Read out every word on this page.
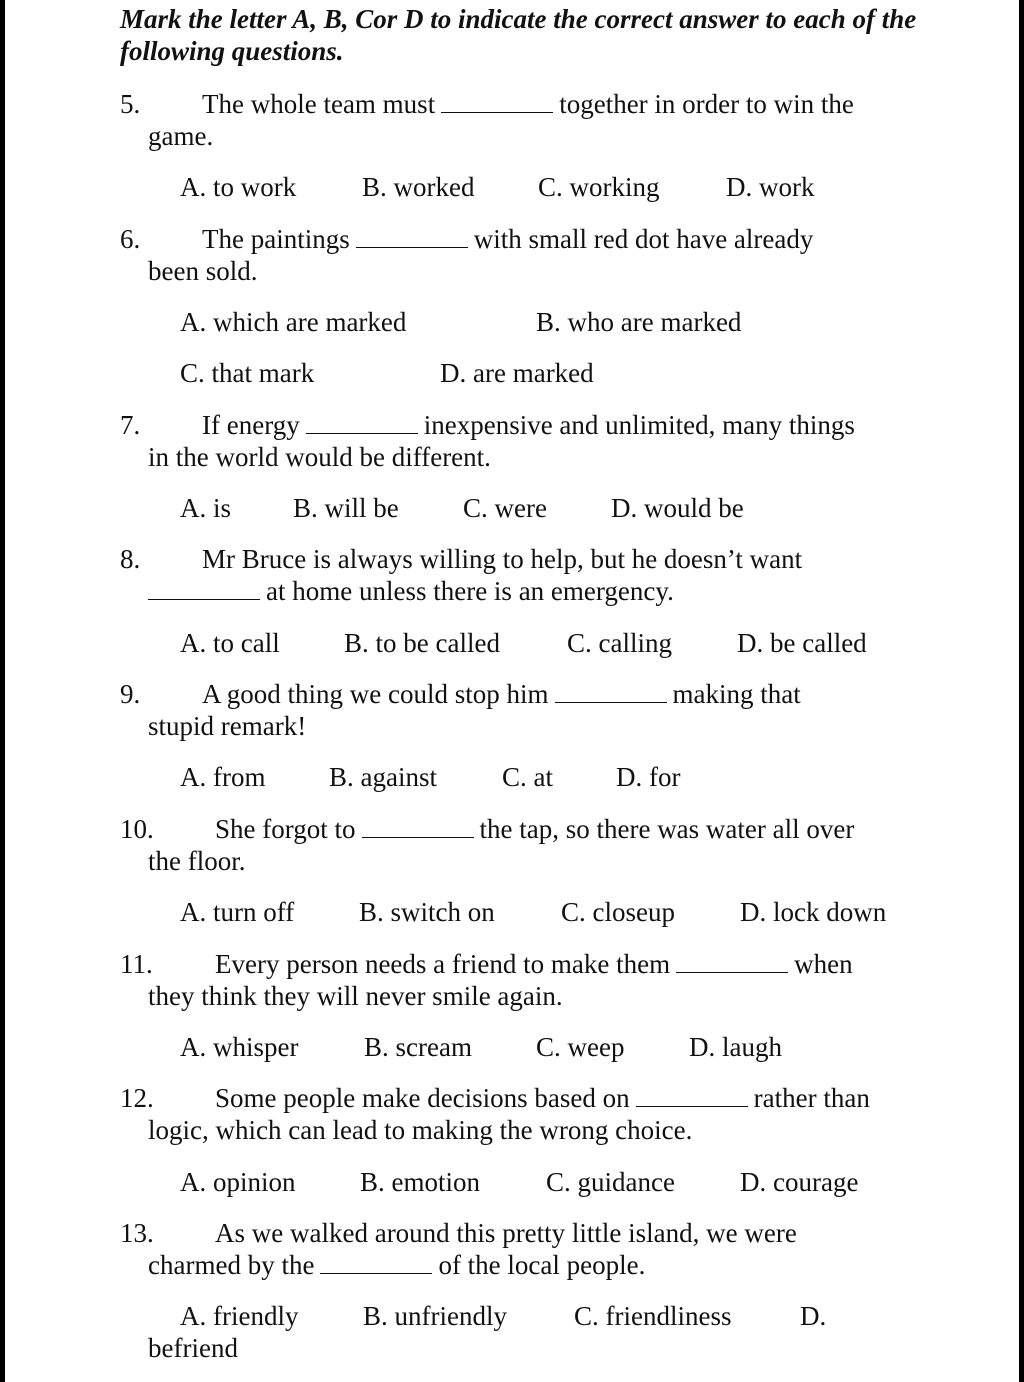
Mark the letter A, B, Cor D to indicate the correct answer to each of the following questions.
5. The whole team must	together in order to win the
game.
A. to work B. worked C. working D. work
6. The paintings	with small red dot have already
been sold.
A. which are marked	B. who are marked
C. that mark	D. are marked
7. If energy	inexpensive and unlimited, many things
in the world would be different.
A. is B. will be C. were D. would be
8. Mr Bruce is always willing to help, but he doesn’t want
at home unless there is an emergency.
A. to call B. to be called C. calling D. be called
9. A good thing we could stop him	making that
stupid remark!
A. from B. against C. at D. for
10. She forgot to	the tap, so there was water all over
the floor.
A. turn off B. switch on C. closeup D. lock down
11. Every person needs a friend to make them	when
they think they will never smile again.
A. whisper B. scream C. weep D. laugh
12. Some people make decisions based on	rather than
logic, which can lead to making the wrong choice.
A. opinion B. emotion C. guidance D. courage
13. As we walked around this pretty little island, we were
charmed by the	of the local people.
A. friendly B. unfriendly C. friendliness	D.
befriend
